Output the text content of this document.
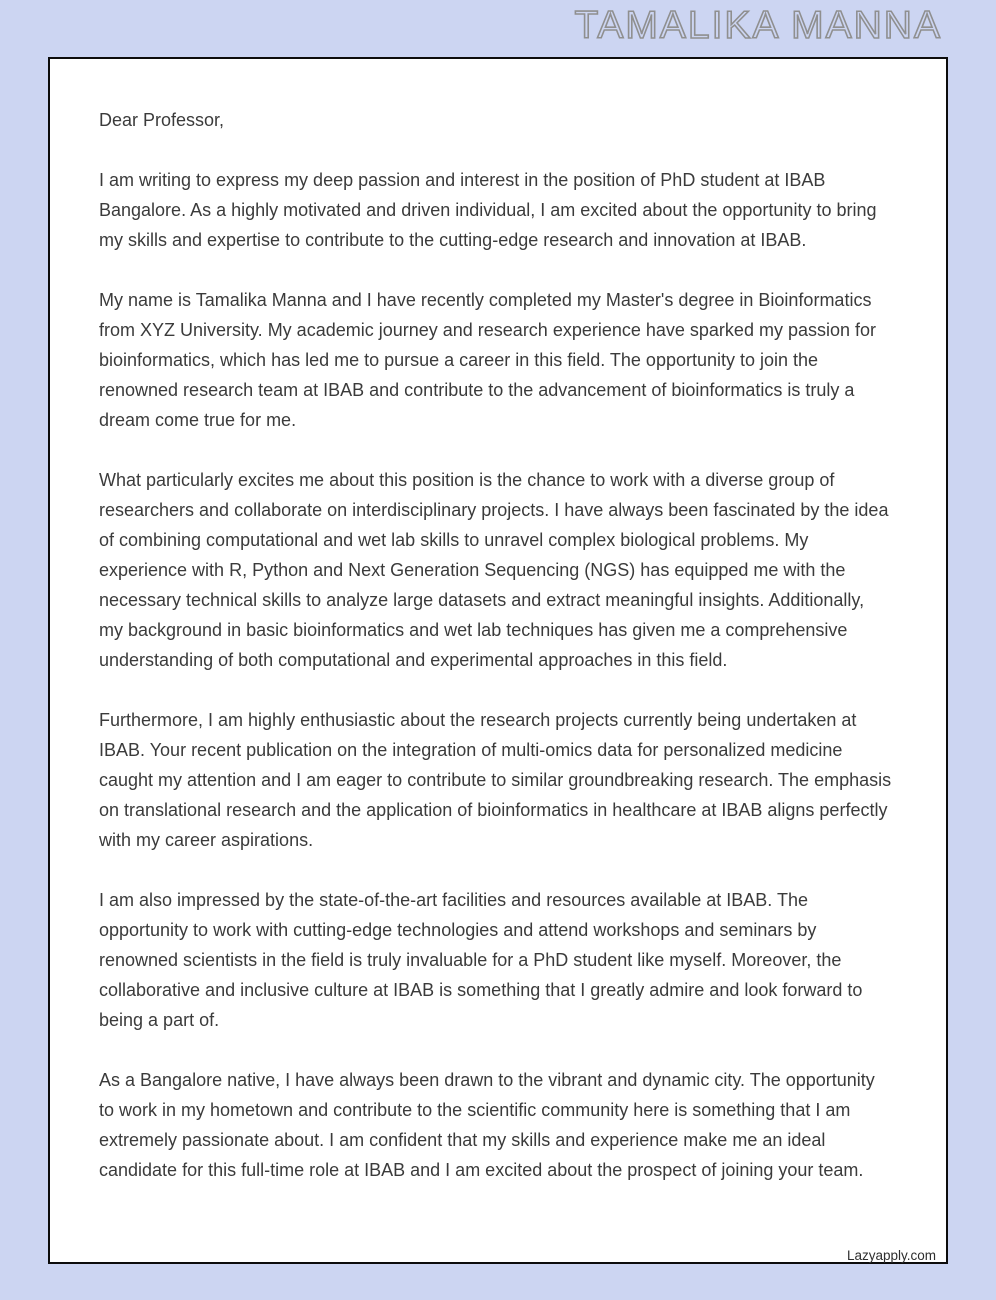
TAMALIKA MANNA

Dear Professor,

I am writing to express my deep passion and interest in the position of PhD student at IBAB Bangalore. As a highly motivated and driven individual, I am excited about the opportunity to bring my skills and expertise to contribute to the cutting-edge research and innovation at IBAB.

My name is Tamalika Manna and I have recently completed my Master's degree in Bioinformatics from XYZ University. My academic journey and research experience have sparked my passion for bioinformatics, which has led me to pursue a career in this field. The opportunity to join the renowned research team at IBAB and contribute to the advancement of bioinformatics is truly a dream come true for me.

What particularly excites me about this position is the chance to work with a diverse group of researchers and collaborate on interdisciplinary projects. I have always been fascinated by the idea of combining computational and wet lab skills to unravel complex biological problems. My experience with R, Python and Next Generation Sequencing (NGS) has equipped me with the necessary technical skills to analyze large datasets and extract meaningful insights. Additionally, my background in basic bioinformatics and wet lab techniques has given me a comprehensive understanding of both computational and experimental approaches in this field.

Furthermore, I am highly enthusiastic about the research projects currently being undertaken at IBAB. Your recent publication on the integration of multi-omics data for personalized medicine caught my attention and I am eager to contribute to similar groundbreaking research. The emphasis on translational research and the application of bioinformatics in healthcare at IBAB aligns perfectly with my career aspirations.

I am also impressed by the state-of-the-art facilities and resources available at IBAB. The opportunity to work with cutting-edge technologies and attend workshops and seminars by renowned scientists in the field is truly invaluable for a PhD student like myself. Moreover, the collaborative and inclusive culture at IBAB is something that I greatly admire and look forward to being a part of.

As a Bangalore native, I have always been drawn to the vibrant and dynamic city. The opportunity to work in my hometown and contribute to the scientific community here is something that I am extremely passionate about. I am confident that my skills and experience make me an ideal candidate for this full-time role at IBAB and I am excited about the prospect of joining your team.

Lazyapply.com
